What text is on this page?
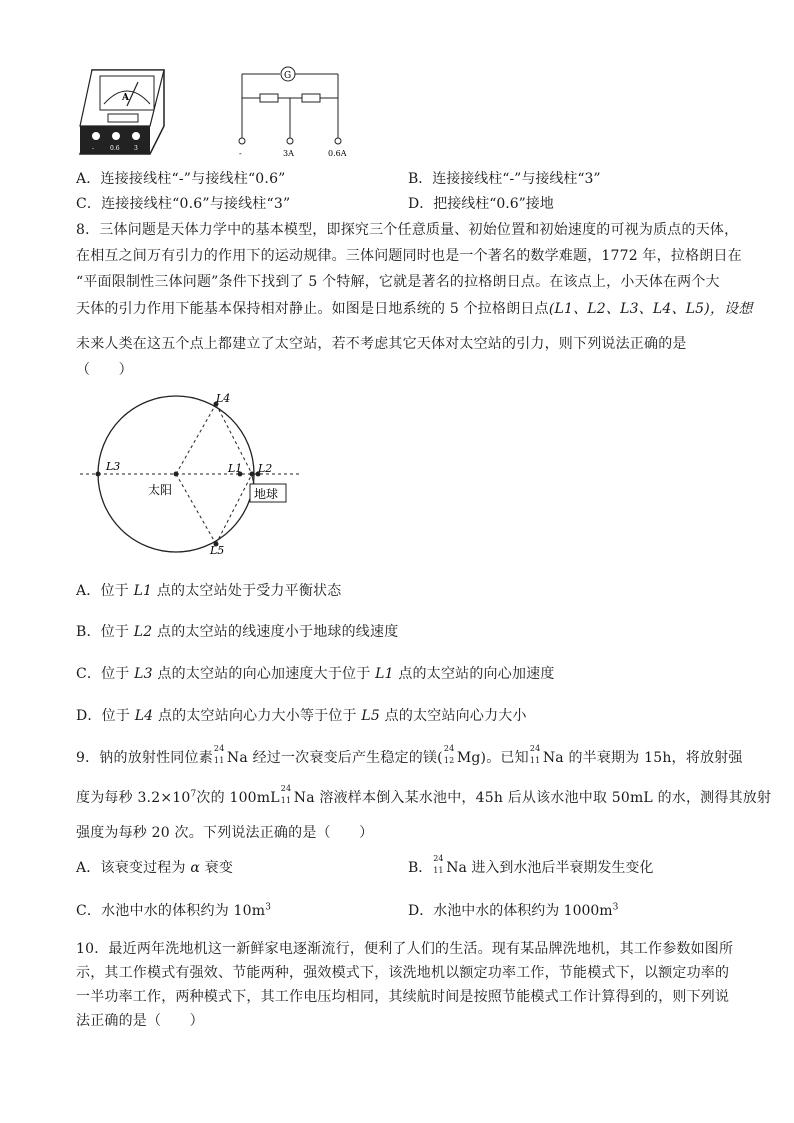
A
-	0.6 3
G
-	3A	0.6A
A．连接接线柱“-”与接线柱“0.6”	B．连接接线柱“-”与接线柱“3”
C．连接接线柱“0.6”与接线柱“3”	D．把接线柱“0.6”接地
8．三体问题是天体力学中的基本模型，即探究三个任意质量、初始位置和初始速度的可视为质点的天体，
在相互之间万有引力的作用下的运动规律。三体问题同时也是一个著名的数学难题，1772 年，拉格朗日在
“平面限制性三体问题”条件下找到了 5 个特解，它就是著名的拉格朗日点。在该点上，小天体在两个大
天体的引力作用下能基本保持相对静止。如图是日地系统的 5 个拉格朗日点(L1、L2、L3、L4、L5)，设想
未来人类在这五个点上都建立了太空站，若不考虑其它天体对太空站的引力，则下列说法正确的是
（　　）
太阳	地球
L1 L2
L3
L4
L5
A．位于 L1 点的太空站处于受力平衡状态
B．位于 L2 点的太空站的线速度小于地球的线速度
C．位于 L3 点的太空站的向心加速度大于位于 L1 点的太空站的向心加速度
D．位于 L4 点的太空站向心力大小等于位于 L5 点的太空站向心力大小
9．钠的放射性同位素
24
11 Na 经过一次衰变后产生稳定的镁(
24
12 Mg)。已知
24
11 Na 的半衰期为 15h，将放射强
度为每秒 $3.2\times 10^7$次的 100mL
24
11 Na 溶液样本倒入某水池中，45h 后从该水池中取 50mL 的水，测得其放射
强度为每秒 20 次。下列说法正确的是（　　）
A．该衰变过程为 α 衰变	B．
24
11 Na 进入到水池后半衰期发生变化
C．水池中水的体积约为 $10m^3$	D．水池中水的体积约为 $1000m^3$
10．最近两年洗地机这一新鲜家电逐渐流行，便利了人们的生活。现有某品牌洗地机，其工作参数如图所
示，其工作模式有强效、节能两种，强效模式下，该洗地机以额定功率工作，节能模式下，以额定功率的
一半功率工作，两种模式下，其工作电压均相同，其续航时间是按照节能模式工作计算得到的，则下列说
法正确的是（　　）
